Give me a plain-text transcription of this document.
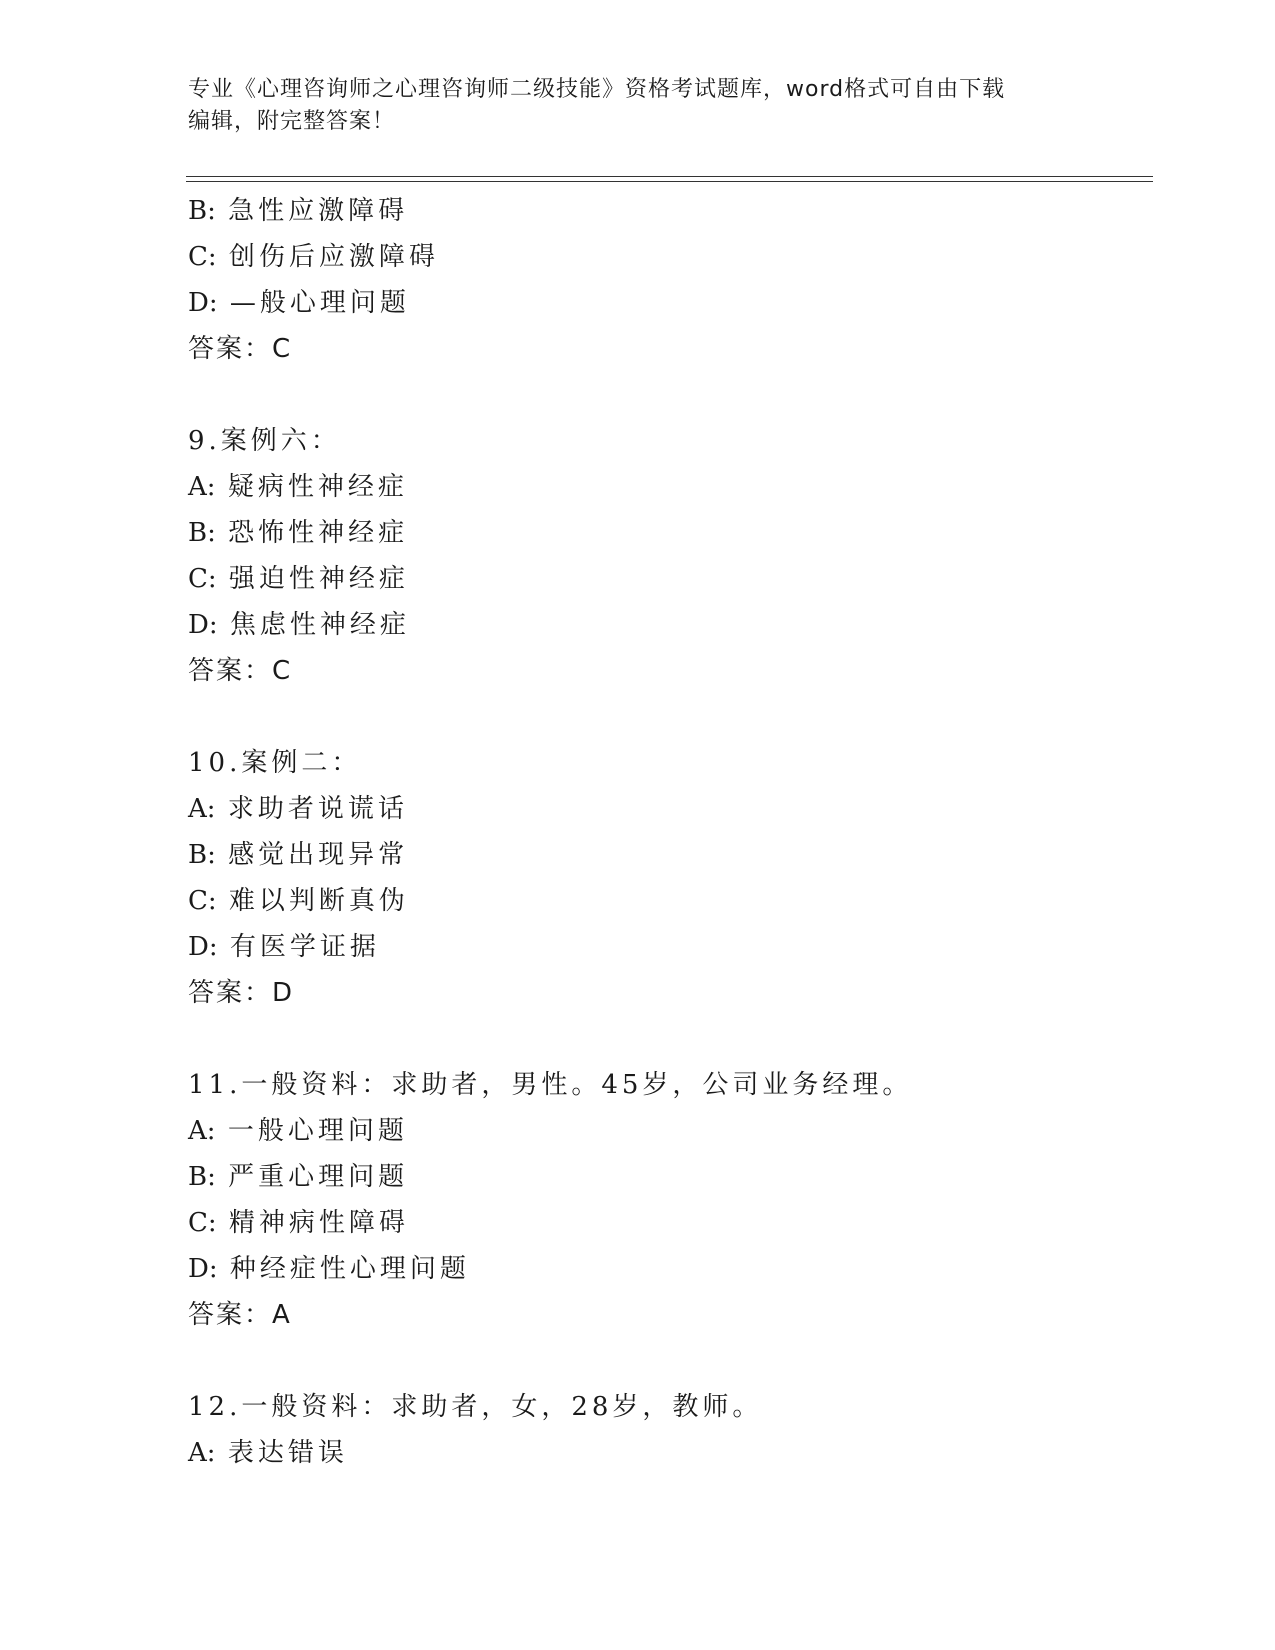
专业《心理咨询师之心理咨询师二级技能》资格考试题库，word格式可自由下载
编辑，附完整答案！
B: 急性应激障碍
C: 创伤后应激障碍
D: —般心理问题
答案：C
9.案例六：
A: 疑病性神经症
B: 恐怖性神经症
C: 强迫性神经症
D: 焦虑性神经症
答案：C
10.案例二：
A: 求助者说谎话
B: 感觉出现异常
C: 难以判断真伪
D: 有医学证据
答案：D
11.一般资料：求助者，男性。45岁，公司业务经理。
A: 一般心理问题
B: 严重心理问题
C: 精神病性障碍
D: 种经症性心理问题
答案：A
12.一般资料：求助者，女，28岁，教师。
A: 表达错误
